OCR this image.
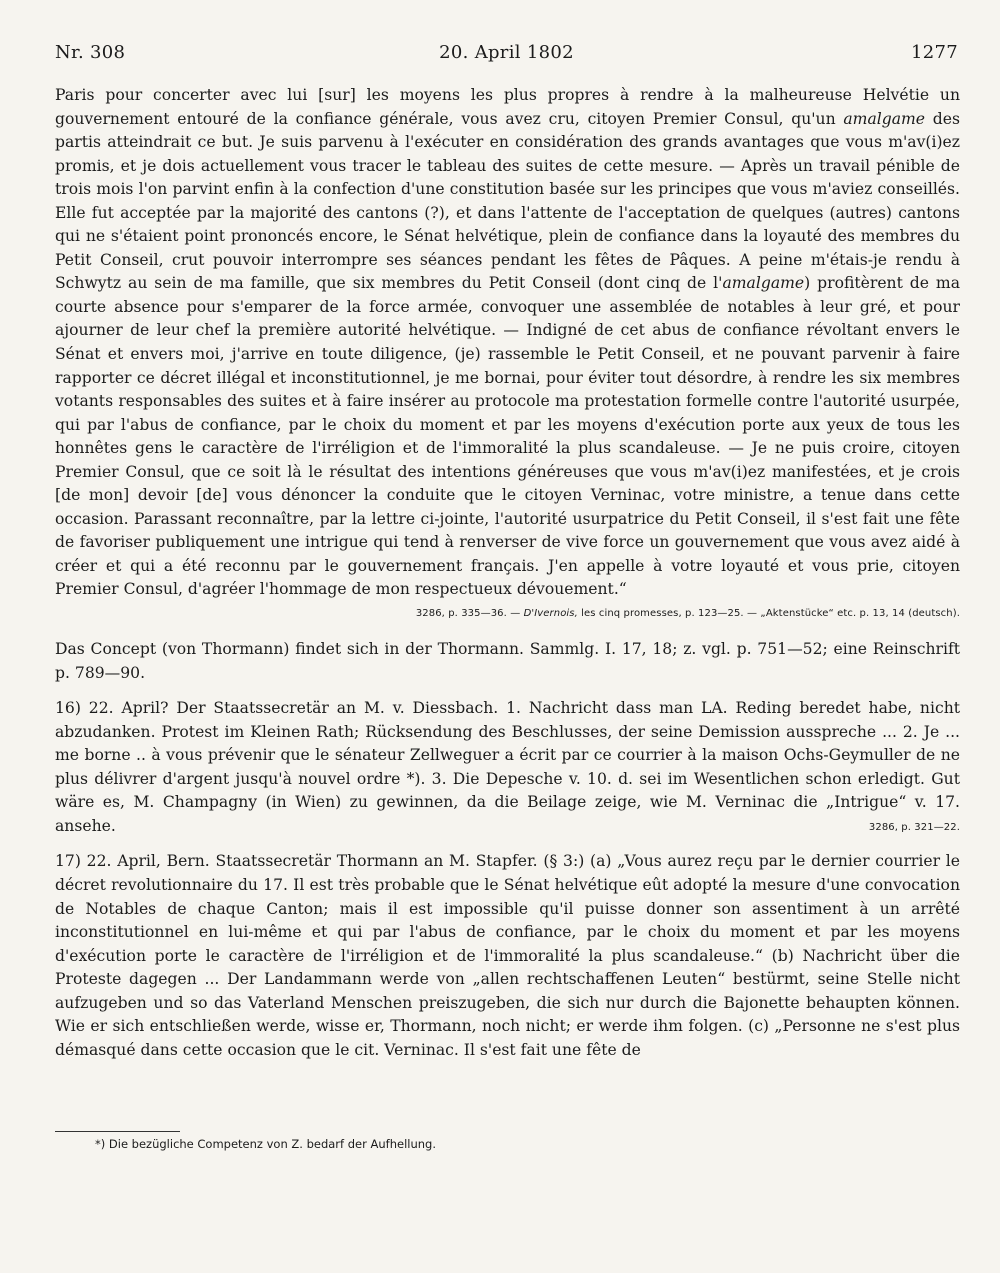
Nr. 308	20. April 1802	1277

Paris pour concerter avec lui [sur] les moyens les plus propres à rendre à la malheureuse Helvétie un gouvernement entouré de la confiance générale, vous avez cru, citoyen Premier Consul, qu'un amalgame des partis atteindrait ce but. Je suis parvenu à l'exécuter en considération des grands avantages que vous m'av(i)ez promis, et je dois actuellement vous tracer le tableau des suites de cette mesure. — Après un travail pénible de trois mois l'on parvint enfin à la confection d'une constitution basée sur les principes que vous m'aviez conseillés. Elle fut acceptée par la majorité des cantons (?), et dans l'attente de l'acceptation de quelques (autres) cantons qui ne s'étaient point prononcés encore, le Sénat helvétique, plein de confiance dans la loyauté des membres du Petit Conseil, crut pouvoir interrompre ses séances pendant les fêtes de Pâques. A peine m'étais-je rendu à Schwytz au sein de ma famille, que six membres du Petit Conseil (dont cinq de l'amalgame) profitèrent de ma courte absence pour s'emparer de la force armée, convoquer une assemblée de notables à leur gré, et pour ajourner de leur chef la première autorité helvétique. — Indigné de cet abus de confiance révoltant envers le Sénat et envers moi, j'arrive en toute diligence, (je) rassemble le Petit Conseil, et ne pouvant parvenir à faire rapporter ce décret illégal et inconstitutionnel, je me bornai, pour éviter tout désordre, à rendre les six membres votants responsables des suites et à faire insérer au protocole ma protestation formelle contre l'autorité usurpée, qui par l'abus de confiance, par le choix du moment et par les moyens d'exécution porte aux yeux de tous les honnêtes gens le caractère de l'irréligion et de l'immoralité la plus scandaleuse. — Je ne puis croire, citoyen Premier Consul, que ce soit là le résultat des intentions généreuses que vous m'av(i)ez manifestées, et je crois [de mon] devoir [de] vous dénoncer la conduite que le citoyen Verninac, votre ministre, a tenue dans cette occasion. Parassant reconnaître, par la lettre ci-jointe, l'autorité usurpatrice du Petit Conseil, il s'est fait une fête de favoriser publiquement une intrigue qui tend à renverser de vive force un gouvernement que vous avez aidé à créer et qui a été reconnu par le gouvernement français. J'en appelle à votre loyauté et vous prie, citoyen Premier Consul, d'agréer l'hommage de mon respectueux dévouement.“

3286, p. 335—36. — D'Ivernois, les cinq promesses, p. 123—25. — „Aktenstücke“ etc. p. 13, 14 (deutsch).

Das Concept (von Thormann) findet sich in der Thormann. Sammlg. I. 17, 18; z. vgl. p. 751—52; eine Reinschrift p. 789—90.

16) 22. April? Der Staatssecretär an M. v. Diessbach. 1. Nachricht dass man LA. Reding beredet habe, nicht abzudanken. Protest im Kleinen Rath; Rücksendung des Beschlusses, der seine Demission ausspreche ... 2. Je ... me borne .. à vous prévenir que le sénateur Zellweguer a écrit par ce courrier à la maison Ochs-Geymuller de ne plus délivrer d'argent jusqu'à nouvel ordre *). 3. Die Depesche v. 10. d. sei im Wesentlichen schon erledigt. Gut wäre es, M. Champagny (in Wien) zu gewinnen, da die Beilage zeige, wie M. Verninac die „Intrigue“ v. 17. ansehe.	3286, p. 321—22.

17) 22. April, Bern. Staatssecretär Thormann an M. Stapfer. (§ 3:) (a) „Vous aurez reçu par le dernier courrier le décret revolutionnaire du 17. Il est très probable que le Sénat helvétique eût adopté la mesure d'une convocation de Notables de chaque Canton; mais il est impossible qu'il puisse donner son assentiment à un arrêté inconstitutionnel en lui-même et qui par l'abus de confiance, par le choix du moment et par les moyens d'exécution porte le caractère de l'irréligion et de l'immoralité la plus scandaleuse.“ (b) Nachricht über die Proteste dagegen ... Der Landammann werde von „allen rechtschaffenen Leuten“ bestürmt, seine Stelle nicht aufzugeben und so das Vaterland Menschen preiszugeben, die sich nur durch die Bajonette behaupten können. Wie er sich entschließen werde, wisse er, Thormann, noch nicht; er werde ihm folgen. (c) „Personne ne s'est plus démasqué dans cette occasion que le cit. Verninac. Il s'est fait une fête de

*) Die bezügliche Competenz von Z. bedarf der Aufhellung.
